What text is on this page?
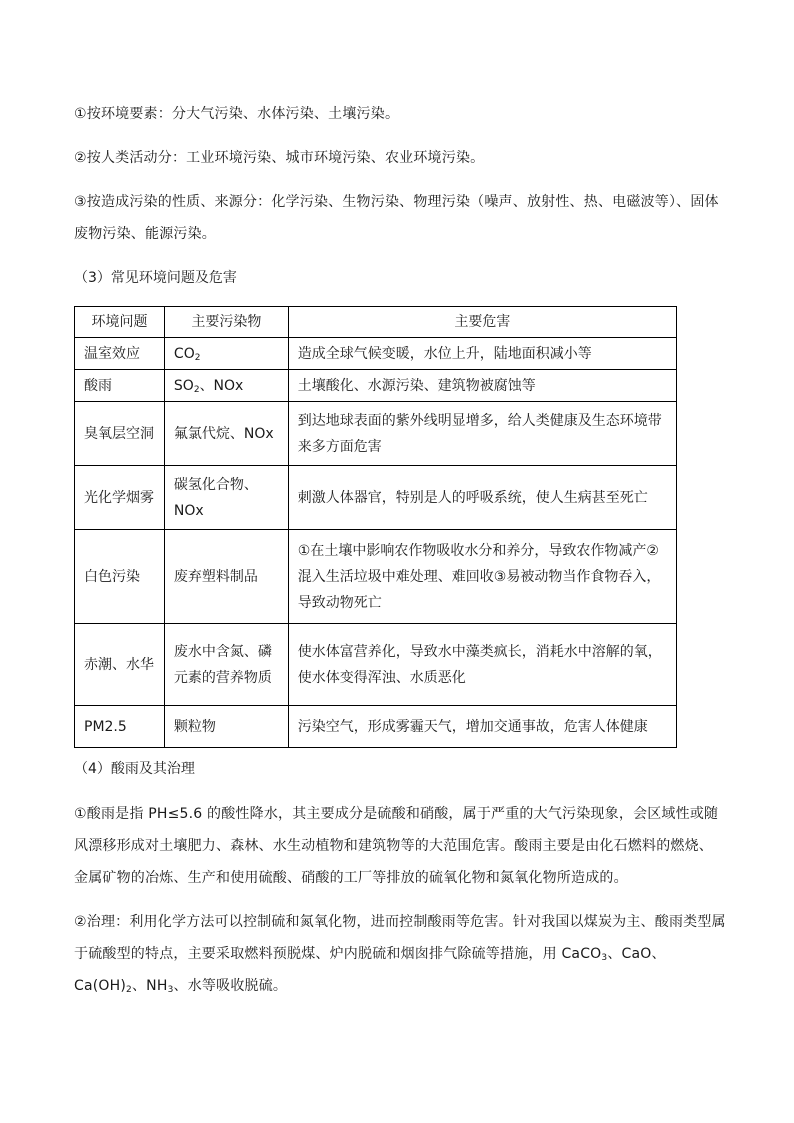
①按环境要素：分大气污染、水体污染、土壤污染。

②按人类活动分：工业环境污染、城市环境污染、农业环境污染。

③按造成污染的性质、来源分：化学污染、生物污染、物理污染（噪声、放射性、热、电磁波等）、固体废物污染、能源污染。

（3）常见环境问题及危害

环境问题	主要污染物	主要危害
温室效应	$CO_2$	造成全球气候变暖，水位上升，陆地面积减小等
酸雨	$SO_2$、NOx	土壤酸化、水源污染、建筑物被腐蚀等
臭氧层空洞	氟氯代烷、NOx	到达地球表面的紫外线明显增多，给人类健康及生态环境带来多方面危害
光化学烟雾	碳氢化合物、NOx	刺激人体器官，特别是人的呼吸系统，使人生病甚至死亡
白色污染	废弃塑料制品	①在土壤中影响农作物吸收水分和养分，导致农作物减产②混入生活垃圾中难处理、难回收③易被动物当作食物吞入，导致动物死亡
赤潮、水华	废水中含氮、磷元素的营养物质	使水体富营养化，导致水中藻类疯长，消耗水中溶解的氧，使水体变得浑浊、水质恶化
PM2.5	颗粒物	污染空气，形成雾霾天气，增加交通事故，危害人体健康

（4）酸雨及其治理

①酸雨是指 PH≤5.6 的酸性降水，其主要成分是硫酸和硝酸，属于严重的大气污染现象，会区域性或随风漂移形成对土壤肥力、森林、水生动植物和建筑物等的大范围危害。酸雨主要是由化石燃料的燃烧、金属矿物的冶炼、生产和使用硫酸、硝酸的工厂等排放的硫氧化物和氮氧化物所造成的。

②治理：利用化学方法可以控制硫和氮氧化物，进而控制酸雨等危害。针对我国以煤炭为主、酸雨类型属于硫酸型的特点，主要采取燃料预脱煤、炉内脱硫和烟囱排气除硫等措施，用 CaCO$_3$、CaO、$Ca(OH)_2$、$NH_3$、水等吸收脱硫。
